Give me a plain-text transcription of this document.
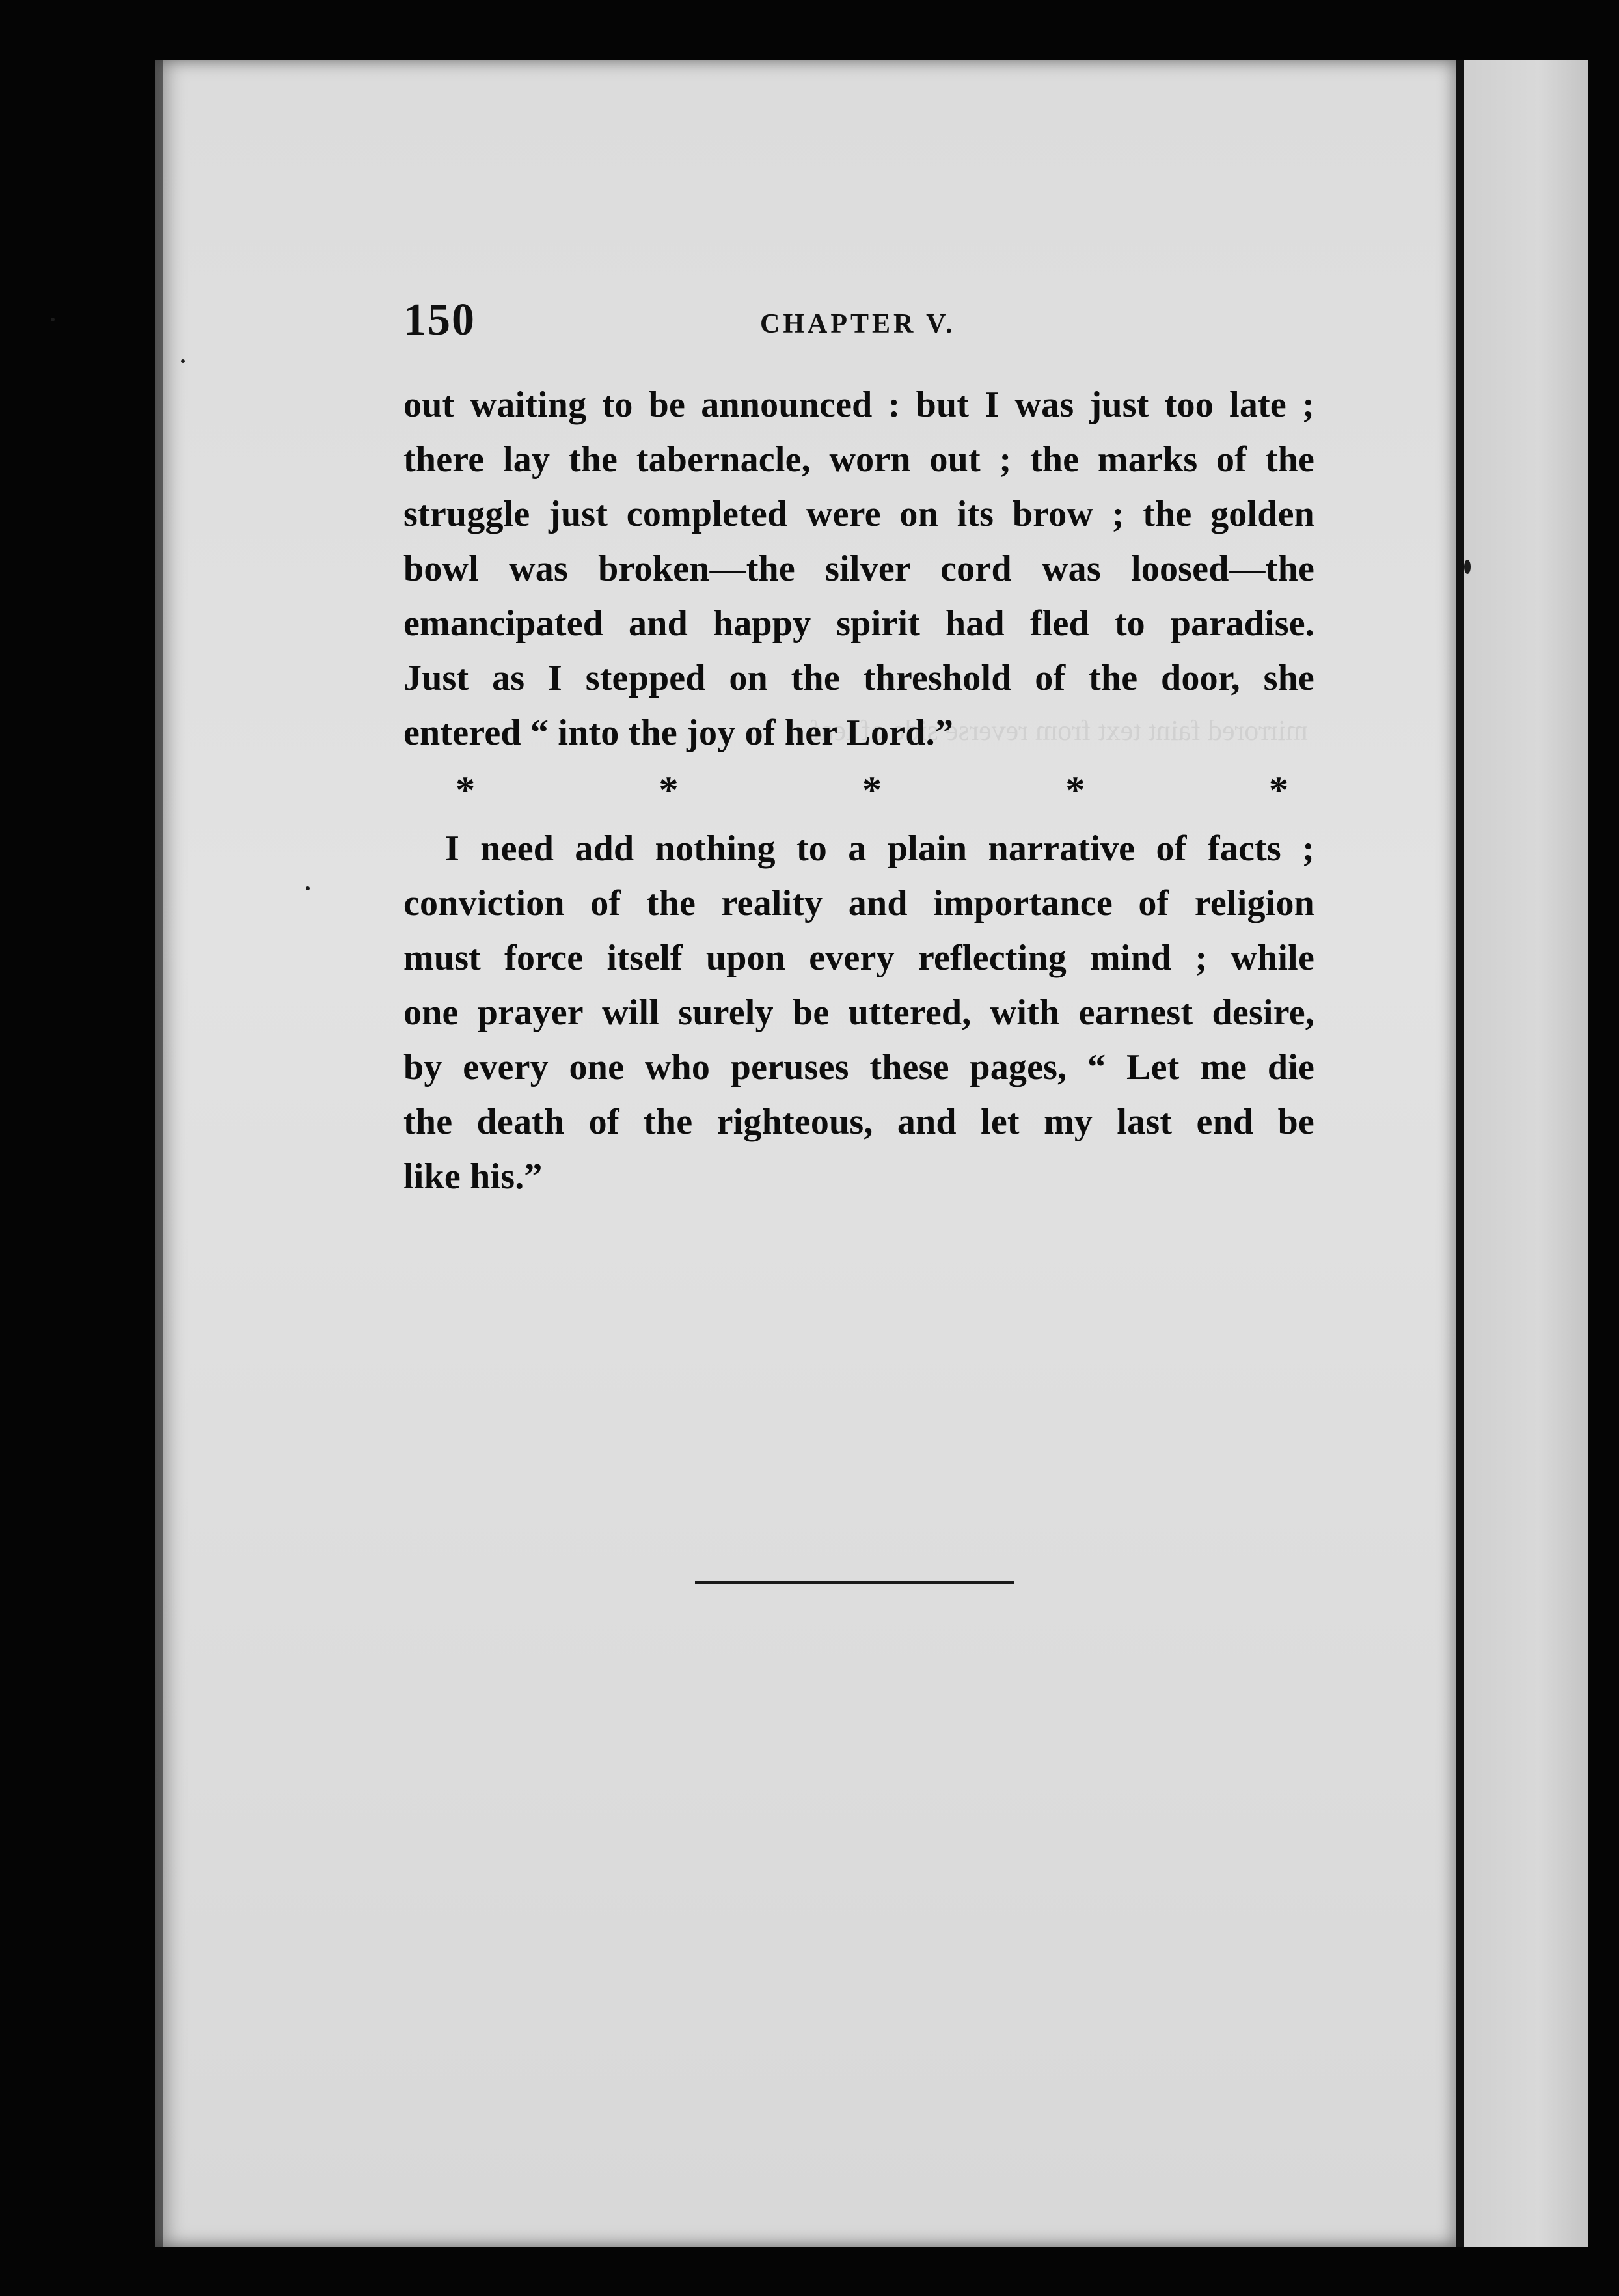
150	CHAPTER V.
out waiting to be announced : but I was just too late ;
there lay the tabernacle, worn out ; the marks of the
struggle just completed were on its brow ; the golden
bowl was broken—the silver cord was loosed—the
emancipated and happy spirit had fled to paradise.
Just as I stepped on the threshold of the door, she
entered “ into the joy of her Lord.”
*	*	*	*	*
I need add nothing to a plain narrative of facts ;
conviction of the reality and importance of religion
must force itself upon every reflecting mind ; while
one prayer will surely be uttered, with earnest desire,
by every one who peruses these pages, “ Let me die
the death of the righteous, and let my last end be
like his.”
